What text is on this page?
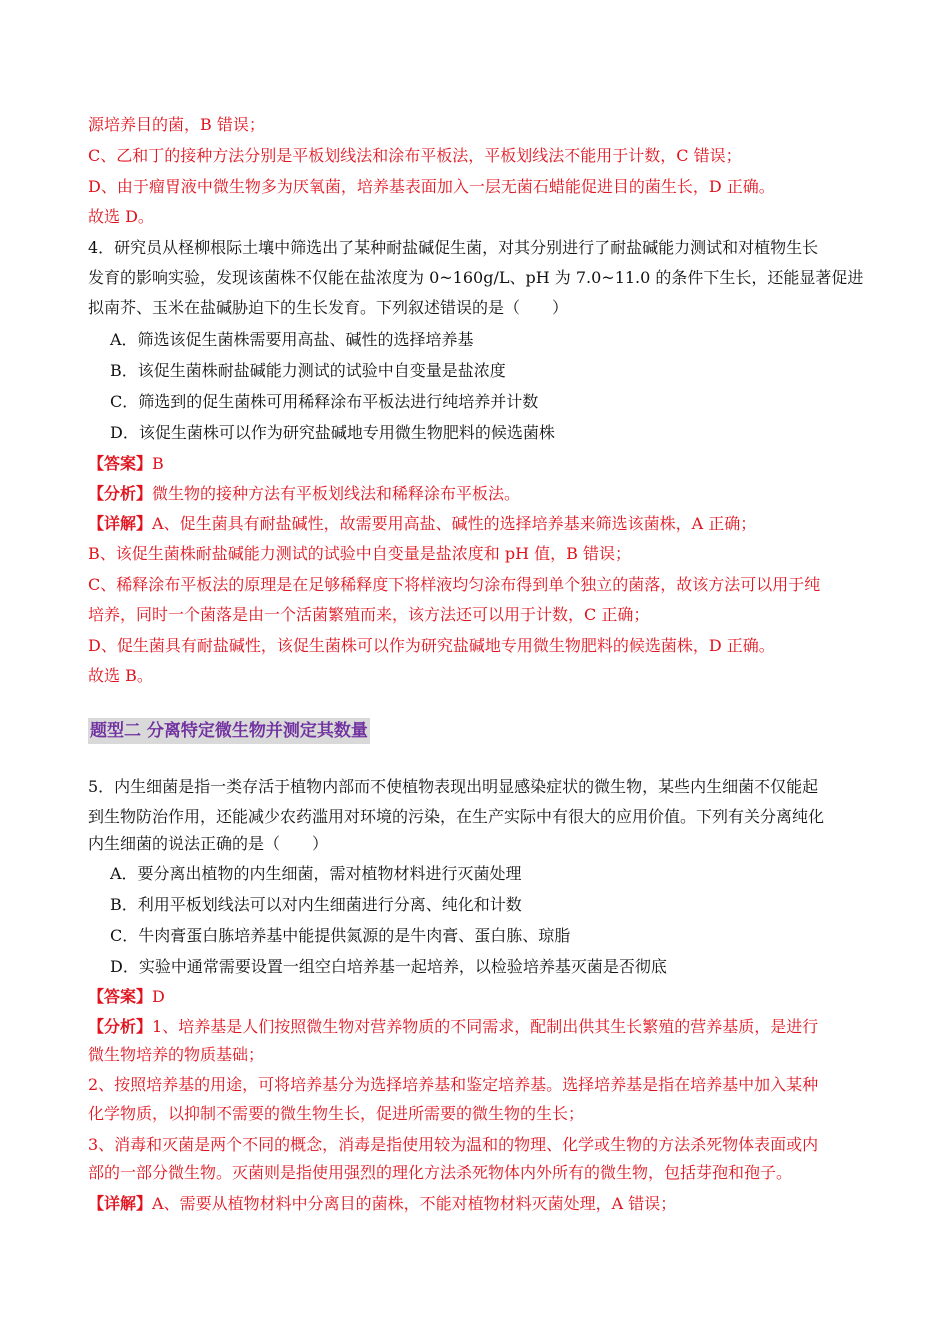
源培养目的菌，B 错误；
C、乙和丁的接种方法分别是平板划线法和涂布平板法，平板划线法不能用于计数，C 错误；
D、由于瘤胃液中微生物多为厌氧菌，培养基表面加入一层无菌石蜡能促进目的菌生长，D 正确。
故选 D。
4．研究员从柽柳根际土壤中筛选出了某种耐盐碱促生菌，对其分别进行了耐盐碱能力测试和对植物生长
发育的影响实验，发现该菌株不仅能在盐浓度为 0~160g/L、pH 为 7.0~11.0 的条件下生长，还能显著促进
拟南芥、玉米在盐碱胁迫下的生长发育。下列叙述错误的是（　　）
A．筛选该促生菌株需要用高盐、碱性的选择培养基
B．该促生菌株耐盐碱能力测试的试验中自变量是盐浓度
C．筛选到的促生菌株可用稀释涂布平板法进行纯培养并计数
D．该促生菌株可以作为研究盐碱地专用微生物肥料的候选菌株
【答案】B
【分析】微生物的接种方法有平板划线法和稀释涂布平板法。
【详解】A、促生菌具有耐盐碱性，故需要用高盐、碱性的选择培养基来筛选该菌株，A 正确；
B、该促生菌株耐盐碱能力测试的试验中自变量是盐浓度和 pH 值，B 错误；
C、稀释涂布平板法的原理是在足够稀释度下将样液均匀涂布得到单个独立的菌落，故该方法可以用于纯
培养，同时一个菌落是由一个活菌繁殖而来，该方法还可以用于计数，C 正确；
D、促生菌具有耐盐碱性，该促生菌株可以作为研究盐碱地专用微生物肥料的候选菌株，D 正确。
故选 B。
题型二 分离特定微生物并测定其数量
5．内生细菌是指一类存活于植物内部而不使植物表现出明显感染症状的微生物，某些内生细菌不仅能起
到生物防治作用，还能减少农药滥用对环境的污染，在生产实际中有很大的应用价值。下列有关分离纯化
内生细菌的说法正确的是（　　）
A．要分离出植物的内生细菌，需对植物材料进行灭菌处理
B．利用平板划线法可以对内生细菌进行分离、纯化和计数
C．牛肉膏蛋白胨培养基中能提供氮源的是牛肉膏、蛋白胨、琼脂
D．实验中通常需要设置一组空白培养基一起培养，以检验培养基灭菌是否彻底
【答案】D
【分析】1、培养基是人们按照微生物对营养物质的不同需求，配制出供其生长繁殖的营养基质，是进行
微生物培养的物质基础；
2、按照培养基的用途，可将培养基分为选择培养基和鉴定培养基。选择培养基是指在培养基中加入某种
化学物质，以抑制不需要的微生物生长，促进所需要的微生物的生长；
3、消毒和灭菌是两个不同的概念，消毒是指使用较为温和的物理、化学或生物的方法杀死物体表面或内
部的一部分微生物。灭菌则是指使用强烈的理化方法杀死物体内外所有的微生物，包括芽孢和孢子。
【详解】A、需要从植物材料中分离目的菌株，不能对植物材料灭菌处理，A 错误；
